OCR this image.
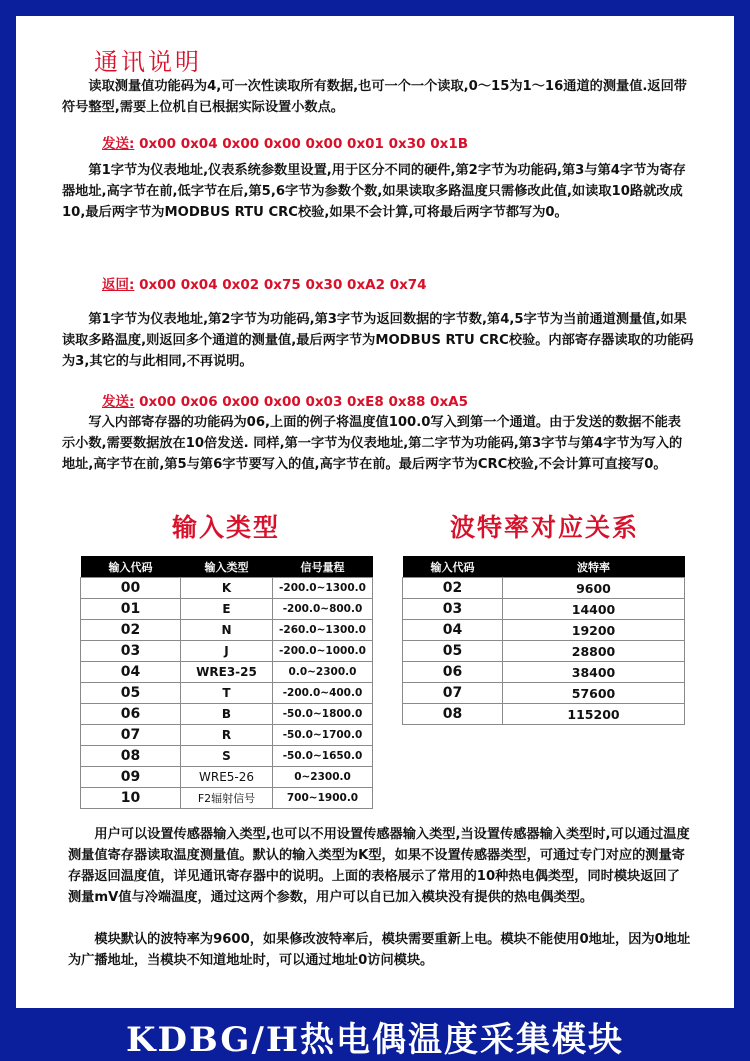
通讯说明

读取测量值功能码为4,可一次性读取所有数据,也可一个一个读取,0～15为1～16通道的测量值.返回带符号整型,需要上位机自已根据实际设置小数点。

发送: 0x00 0x04 0x00 0x00 0x00 0x01 0x30 0x1B

第1字节为仪表地址,仪表系统参数里设置,用于区分不同的硬件,第2字节为功能码,第3与第4字节为寄存器地址,高字节在前,低字节在后,第5,6字节为参数个数,如果读取多路温度只需修改此值,如读取10路就改成10,最后两字节为MODBUS RTU CRC校验,如果不会计算,可将最后两字节都写为0。

返回: 0x00 0x04 0x02 0x75 0x30 0xA2 0x74

第1字节为仪表地址,第2字节为功能码,第3字节为返回数据的字节数,第4,5字节为当前通道测量值,如果读取多路温度,则返回多个通道的测量值,最后两字节为MODBUS RTU CRC校验。内部寄存器读取的功能码为3,其它的与此相同,不再说明。

发送: 0x00 0x06 0x00 0x00 0x03 0xE8 0x88 0xA5

写入内部寄存器的功能码为06,上面的例子将温度值100.0写入到第一个通道。由于发送的数据不能表示小数,需要数据放在10倍发送. 同样,第一字节为仪表地址,第二字节为功能码,第3字节与第4字节为写入的地址,高字节在前,第5与第6字节要写入的值,高字节在前。最后两字节为CRC校验,不会计算可直接写0。

输入类型	波特率对应关系
输入代码	输入类型	信号量程
00	K	-200.0~1300.0
01	E	-200.0~800.0
02	N	-260.0~1300.0
03	J	-200.0~1000.0
04	WRE3-25	0.0~2300.0
05	T	-200.0~400.0
06	B	-50.0~1800.0
07	R	-50.0~1700.0
08	S	-50.0~1650.0
09	WRE5-26	0~2300.0
10	F2辐射信号	700~1900.0
输入代码	波特率
02	9600
03	14400
04	19200
05	28800
06	38400
07	57600
08	115200

用户可以设置传感器输入类型,也可以不用设置传感器输入类型,当设置传感器输入类型时,可以通过温度测量值寄存器读取温度测量值。默认的输入类型为K型，如果不设置传感器类型，可通过专门对应的测量寄存器返回温度值，详见通讯寄存器中的说明。上面的表格展示了常用的10种热电偶类型，同时模块返回了测量mV值与冷端温度，通过这两个参数，用户可以自已加入模块没有提供的热电偶类型。

模块默认的波特率为9600，如果修改波特率后，模块需要重新上电。模块不能使用0地址，因为0地址为广播地址，当模块不知道地址时，可以通过地址0访问模块。

KDBG/H热电偶温度采集模块
